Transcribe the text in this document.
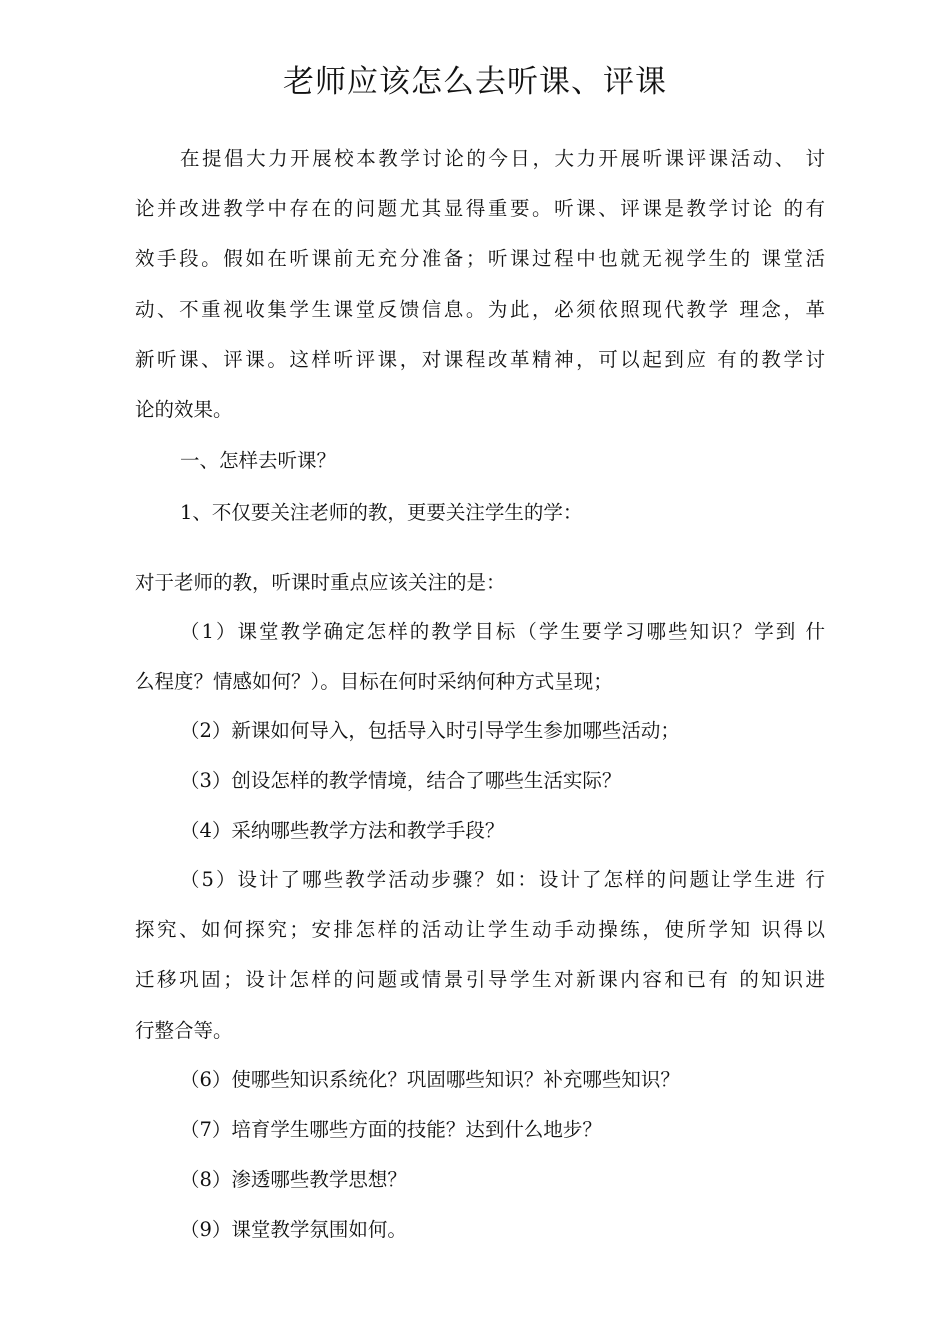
老师应该怎么去听课、评课
在提倡大力开展校本教学讨论的今日，大力开展听课评课活动、 讨
论并改进教学中存在的问题尤其显得重要。听课、评课是教学讨论 的有
效手段。假如在听课前无充分准备；听课过程中也就无视学生的 课堂活
动、不重视收集学生课堂反馈信息。为此，必须依照现代教学 理念，革
新听课、评课。这样听评课，对课程改革精神，可以起到应 有的教学讨
论的效果。

一、怎样去听课？

1、不仅要关注老师的教，更要关注学生的学：

对于老师的教，听课时重点应该关注的是：

（1）课堂教学确定怎样的教学目标（学生要学习哪些知识？学到 什
么程度？情感如何？）。目标在何时采纳何种方式呈现；

（2）新课如何导入，包括导入时引导学生参加哪些活动；

（3）创设怎样的教学情境，结合了哪些生活实际？

（4）采纳哪些教学方法和教学手段？

（5）设计了哪些教学活动步骤？如：设计了怎样的问题让学生进 行
探究、如何探究；安排怎样的活动让学生动手动操练，使所学知 识得以
迁移巩固；设计怎样的问题或情景引导学生对新课内容和已有 的知识进
行整合等。

（6）使哪些知识系统化？巩固哪些知识？补充哪些知识？

（7）培育学生哪些方面的技能？达到什么地步？

（8）渗透哪些教学思想？

（9）课堂教学氛围如何。
